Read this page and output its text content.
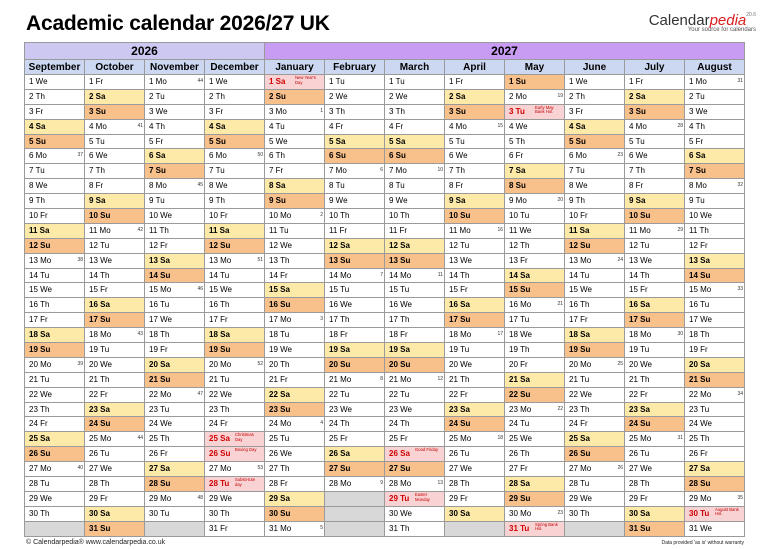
Academic calendar 2026/27 UK	Calendarpedia$^{20.6}$
Your source for calendars
2026				2027							
September	October	November	December	January	February	March	April	May	June	July	August

1 We	1 Fr	1 Mo 44	1 We	1 Sa New Year's Day	1 Tu	1 Tu	1 Fr	1 Su	1 We	1 Fr	1 Mo 31

2 Th	2 Sa	2 Tu	2 Th	2 Su	2 We	2 We	2 Sa	2 Mo 19	2 Th	2 Sa	2 Tu

3 Fr	3 Su	3 We	3 Fr	3 Mo 1	3 Th	3 Th	3 Su	3 Tu Early May Bank Hol.	3 Fr	3 Su	3 We

4 Sa	4 Mo 41	4 Th	4 Sa	4 Tu	4 Fr	4 Fr	4 Mo 15	4 We	4 Sa	4 Mo 28	4 Th

5 Su	5 Tu	5 Fr	5 Su	5 We	5 Sa	5 Sa	5 Tu	5 Th	5 Su	5 Tu	5 Fr

6 Mo 37	6 We	6 Sa	6 Mo 50	6 Th	6 Su	6 Su	6 We	6 Fr	6 Mo 23	6 We	6 Sa

7 Tu	7 Th	7 Su	7 Tu	7 Fr	7 Mo 6	7 Mo 10	7 Th	7 Sa	7 Tu	7 Th	7 Su

8 We	8 Fr	8 Mo 45	8 We	8 Sa	8 Tu	8 Tu	8 Fr	8 Su	8 We	8 Fr	8 Mo 32

9 Th	9 Sa	9 Tu	9 Th	9 Su	9 We	9 We	9 Sa	9 Mo 20	9 Th	9 Sa	9 Tu

10 Fr	10 Su	10 We	10 Fr	10 Mo 2	10 Th	10 Th	10 Su	10 Tu	10 Fr	10 Su	10 We

11 Sa	11 Mo 42	11 Th	11 Sa	11 Tu	11 Fr	11 Fr	11 Mo 16	11 We	11 Sa	11 Mo 29	11 Th

12 Su	12 Tu	12 Fr	12 Su	12 We	12 Sa	12 Sa	12 Tu	12 Th	12 Su	12 Tu	12 Fr

13 Mo 38	13 We	13 Sa	13 Mo 51	13 Th	13 Su	13 Su	13 We	13 Fr	13 Mo 24	13 We	13 Sa

14 Tu	14 Th	14 Su	14 Tu	14 Fr	14 Mo 7	14 Mo 11	14 Th	14 Sa	14 Tu	14 Th	14 Su

15 We	15 Fr	15 Mo 46	15 We	15 Sa	15 Tu	15 Tu	15 Fr	15 Su	15 We	15 Fr	15 Mo 33

16 Th	16 Sa	16 Tu	16 Th	16 Su	16 We	16 We	16 Sa	16 Mo 21	16 Th	16 Sa	16 Tu

17 Fr	17 Su	17 We	17 Fr	17 Mo 3	17 Th	17 Th	17 Su	17 Tu	17 Fr	17 Su	17 We

18 Sa	18 Mo 43	18 Th	18 Sa	18 Tu	18 Fr	18 Fr	18 Mo 17	18 We	18 Sa	18 Mo 30	18 Th

19 Su	19 Tu	19 Fr	19 Su	19 We	19 Sa	19 Sa	19 Tu	19 Th	19 Su	19 Tu	19 Fr

20 Mo 39	20 We	20 Sa	20 Mo 52	20 Th	20 Su	20 Su	20 We	20 Fr	20 Mo 25	20 We	20 Sa

21 Tu	21 Th	21 Su	21 Tu	21 Fr	21 Mo 8	21 Mo 12	21 Th	21 Sa	21 Tu	21 Th	21 Su

22 We	22 Fr	22 Mo 47	22 We	22 Sa	22 Tu	22 Tu	22 Fr	22 Su	22 We	22 Fr	22 Mo 34

23 Th	23 Sa	23 Tu	23 Th	23 Su	23 We	23 We	23 Sa	23 Mo 22	23 Th	23 Sa	23 Tu

24 Fr	24 Su	24 We	24 Fr	24 Mo 4	24 Th	24 Th	24 Su	24 Tu	24 Fr	24 Su	24 We

25 Sa	25 Mo 44	25 Th	25 Sa Christmas Day	25 Tu	25 Fr	25 Fr	25 Mo 18	25 We	25 Sa	25 Mo 31	25 Th

26 Su	26 Tu	26 Fr	26 Su Boxing Day	26 We	26 Sa	26 Sa Good Friday	26 Tu	26 Th	26 Su	26 Tu	26 Fr

27 Mo 40	27 We	27 Sa	27 Mo 53	27 Th	27 Su	27 Su	27 We	27 Fr	27 Mo 26	27 We	27 Sa

28 Tu	28 Th	28 Su	28 Tu Substi-tute day	28 Fr	28 Mo 9	28 Mo 13	28 Th	28 Sa	28 Tu	28 Th	28 Su

29 We	29 Fr	29 Mo 48	29 We	29 Sa		29 Tu Easter Monday	29 Fr	29 Su	29 We	29 Fr	29 Mo 35

30 Th	30 Sa	30 Tu	30 Th	30 Su		30 We	30 Sa	30 Mo 23	30 Th	30 Sa	30 Tu August Bank Hol.

	31 Su		31 Fr	31 Mo 5		31 Th		31 Tu Spring Bank Hol.		31 Su	31 We
© Calendarpedia® www.calendarpedia.co.uk	Data provided 'as is' without warranty
